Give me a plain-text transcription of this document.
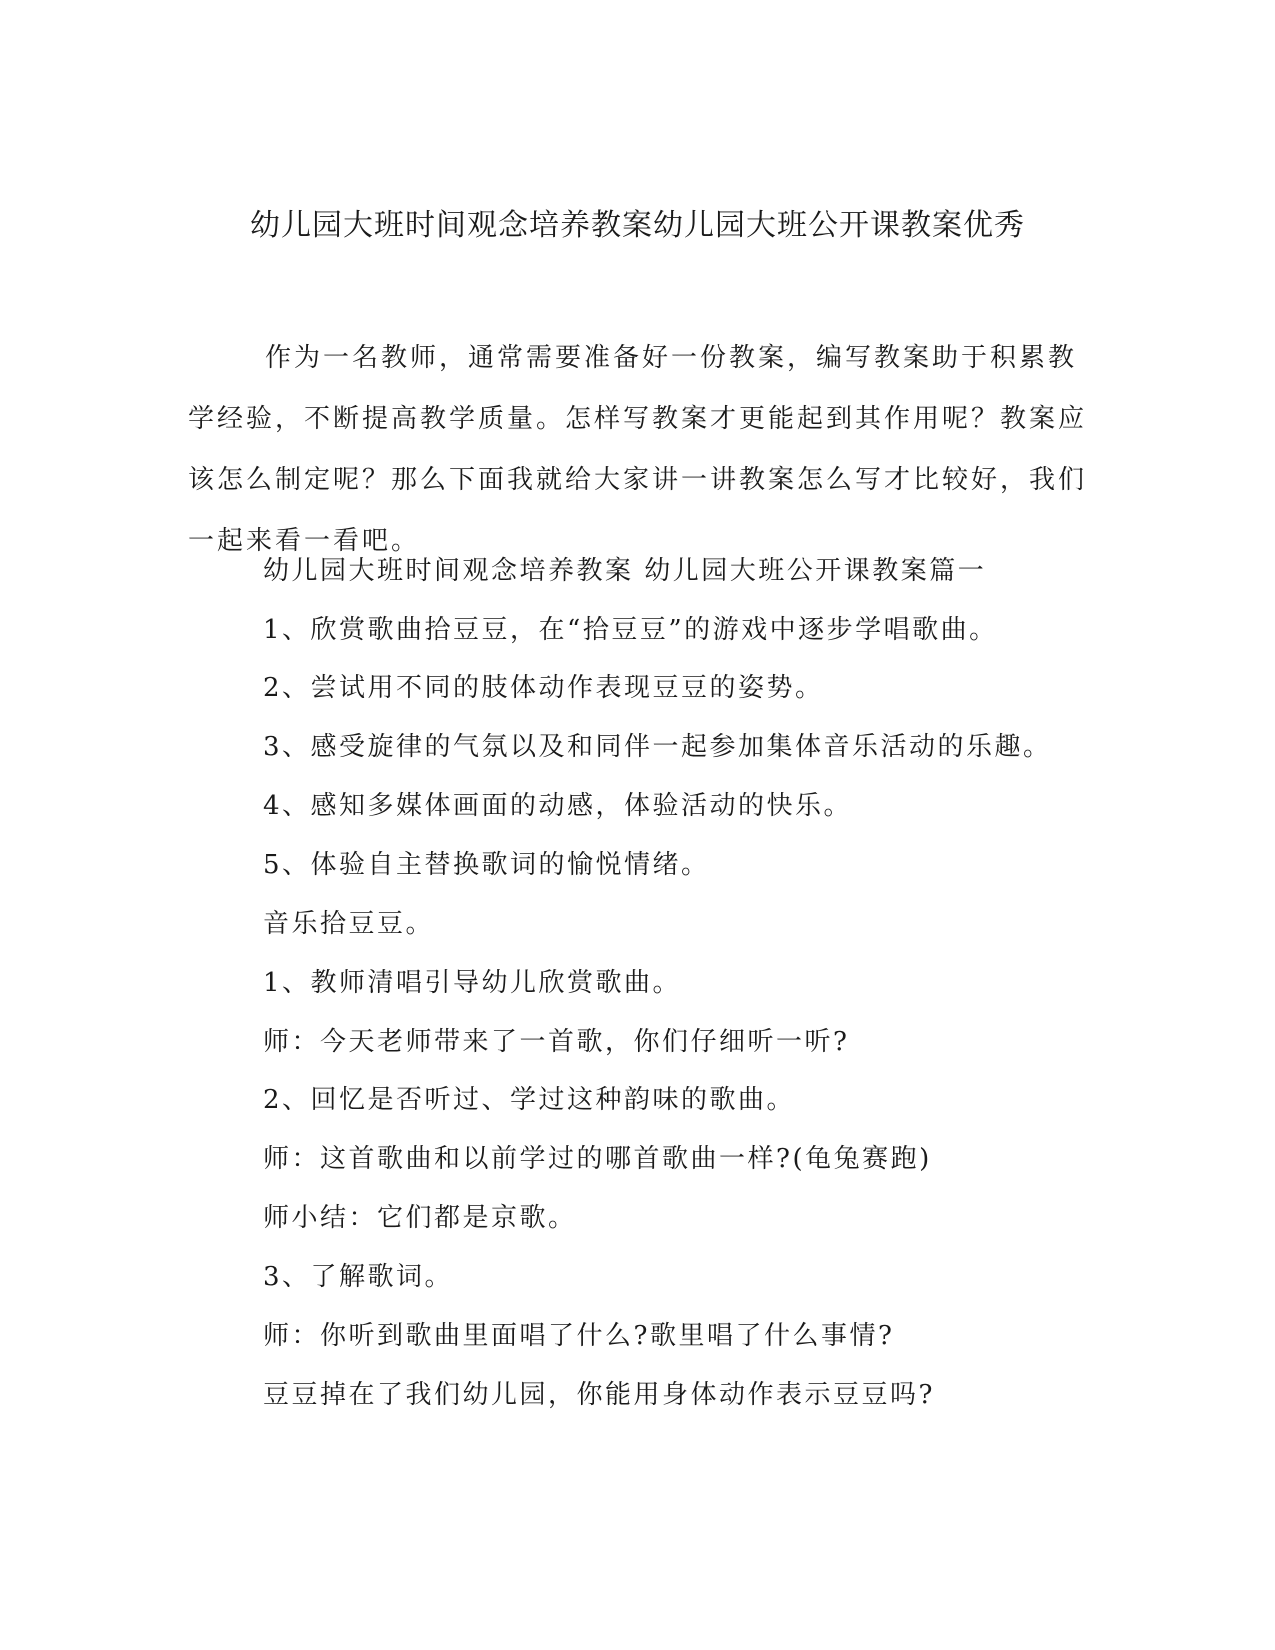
幼儿园大班时间观念培养教案幼儿园大班公开课教案优秀

作为一名教师，通常需要准备好一份教案，编写教案助于积累教学经验，不断提高教学质量。怎样写教案才更能起到其作用呢？教案应该怎么制定呢？那么下面我就给大家讲一讲教案怎么写才比较好，我们一起来看一看吧。

幼儿园大班时间观念培养教案 幼儿园大班公开课教案篇一

1、欣赏歌曲拾豆豆，在“拾豆豆”的游戏中逐步学唱歌曲。

2、尝试用不同的肢体动作表现豆豆的姿势。

3、感受旋律的气氛以及和同伴一起参加集体音乐活动的乐趣。

4、感知多媒体画面的动感，体验活动的快乐。

5、体验自主替换歌词的愉悦情绪。

音乐拾豆豆。

1、教师清唱引导幼儿欣赏歌曲。

师：今天老师带来了一首歌，你们仔细听一听?

2、回忆是否听过、学过这种韵味的歌曲。

师：这首歌曲和以前学过的哪首歌曲一样?(龟兔赛跑)

师小结：它们都是京歌。

3、了解歌词。

师：你听到歌曲里面唱了什么?歌里唱了什么事情?

豆豆掉在了我们幼儿园，你能用身体动作表示豆豆吗?
